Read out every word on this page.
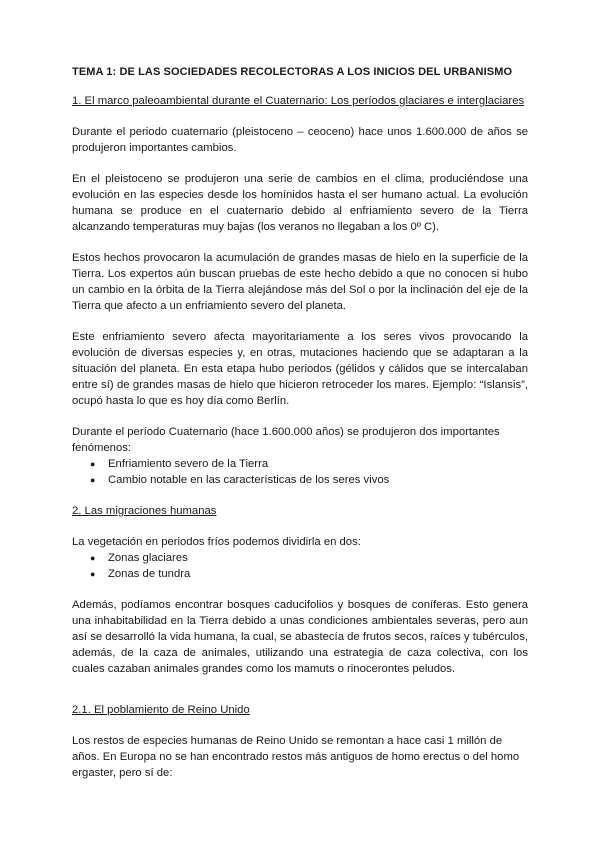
TEMA 1: DE LAS SOCIEDADES RECOLECTORAS A LOS INICIOS DEL URBANISMO
1. El marco paleoambiental durante el Cuaternario: Los períodos glaciares e interglaciares

Durante el periodo cuaternario (pleistoceno – ceoceno) hace unos 1.600.000 de años se produjeron importantes cambios.

En el pleistoceno se produjeron una serie de cambios en el clima, produciéndose una evolución en las especies desde los homínidos hasta el ser humano actual. La evolución humana se produce en el cuaternario debido al enfriamiento severo de la Tierra alcanzando temperaturas muy bajas (los veranos no llegaban a los 0º C).

Estos hechos provocaron la acumulación de grandes masas de hielo en la superficie de la Tierra. Los expertos aún buscan pruebas de este hecho debido a que no conocen si hubo un cambio en la órbita de la Tierra alejándose más del Sol o por la inclinación del eje de la Tierra que afecto a un enfriamiento severo del planeta.

Este enfriamiento severo afecta mayoritariamente a los seres vivos provocando la evolución de diversas especies y, en otras, mutaciones haciendo que se adaptaran a la situación del planeta. En esta etapa hubo periodos (gélidos y cálidos que se intercalaban entre sí) de grandes masas de hielo que hicieron retroceder los mares. Ejemplo: “Islansis”, ocupó hasta lo que es hoy día como Berlín.

Durante el período Cuaternario (hace 1.600.000 años) se produjeron dos importantes fenómenos:

● Enfriamiento severo de la Tierra
● Cambio notable en las características de los seres vivos
2. Las migraciones humanas

La vegetación en periodos fríos podemos dividirla en dos:

● Zonas glaciares
● Zonas de tundra

Además, podíamos encontrar bosques caducifolios y bosques de coníferas. Esto genera una inhabitabilidad en la Tierra debido a unas condiciones ambientales severas, pero aun así se desarrolló la vida humana, la cual, se abastecía de frutos secos, raíces y tubérculos, además, de la caza de animales, utilizando una estrategia de caza colectiva, con los cuales cazaban animales grandes como los mamuts o rinocerontes peludos.

2.1. El poblamiento de Reino Unido

Los restos de especies humanas de Reino Unido se remontan a hace casi 1 millón de años. En Europa no se han encontrado restos más antiguos de homo erectus o del homo ergaster, pero sí de:
